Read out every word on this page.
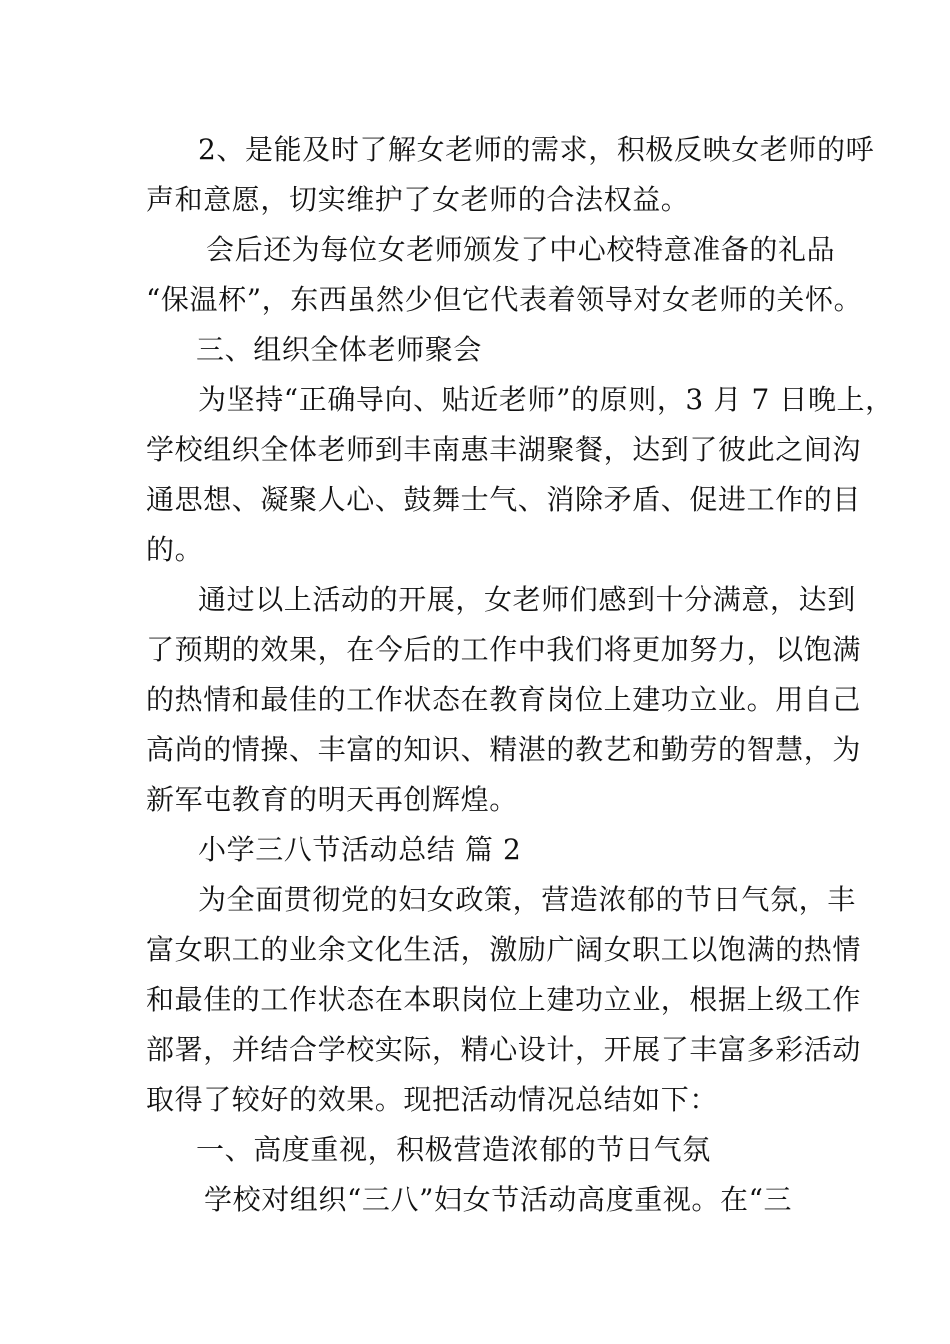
2、是能及时了解女老师的需求，积极反映女老师的呼
声和意愿，切实维护了女老师的合法权益。
会后还为每位女老师颁发了中心校特意准备的礼品
“保温杯”，东西虽然少但它代表着领导对女老师的关怀。
三、组织全体老师聚会
为坚持“正确导向、贴近老师”的原则，3 月 7 日晚上，
学校组织全体老师到丰南惠丰湖聚餐，达到了彼此之间沟
通思想、凝聚人心、鼓舞士气、消除矛盾、促进工作的目
的。
通过以上活动的开展，女老师们感到十分满意，达到
了预期的效果，在今后的工作中我们将更加努力，以饱满
的热情和最佳的工作状态在教育岗位上建功立业。用自己
高尚的情操、丰富的知识、精湛的教艺和勤劳的智慧，为
新军屯教育的明天再创辉煌。
小学三八节活动总结 篇 2
为全面贯彻党的妇女政策，营造浓郁的节日气氛，丰
富女职工的业余文化生活，激励广阔女职工以饱满的热情
和最佳的工作状态在本职岗位上建功立业，根据上级工作
部署，并结合学校实际，精心设计，开展了丰富多彩活动
取得了较好的效果。现把活动情况总结如下：
一、高度重视，积极营造浓郁的节日气氛
学校对组织“三八”妇女节活动高度重视。在“三
